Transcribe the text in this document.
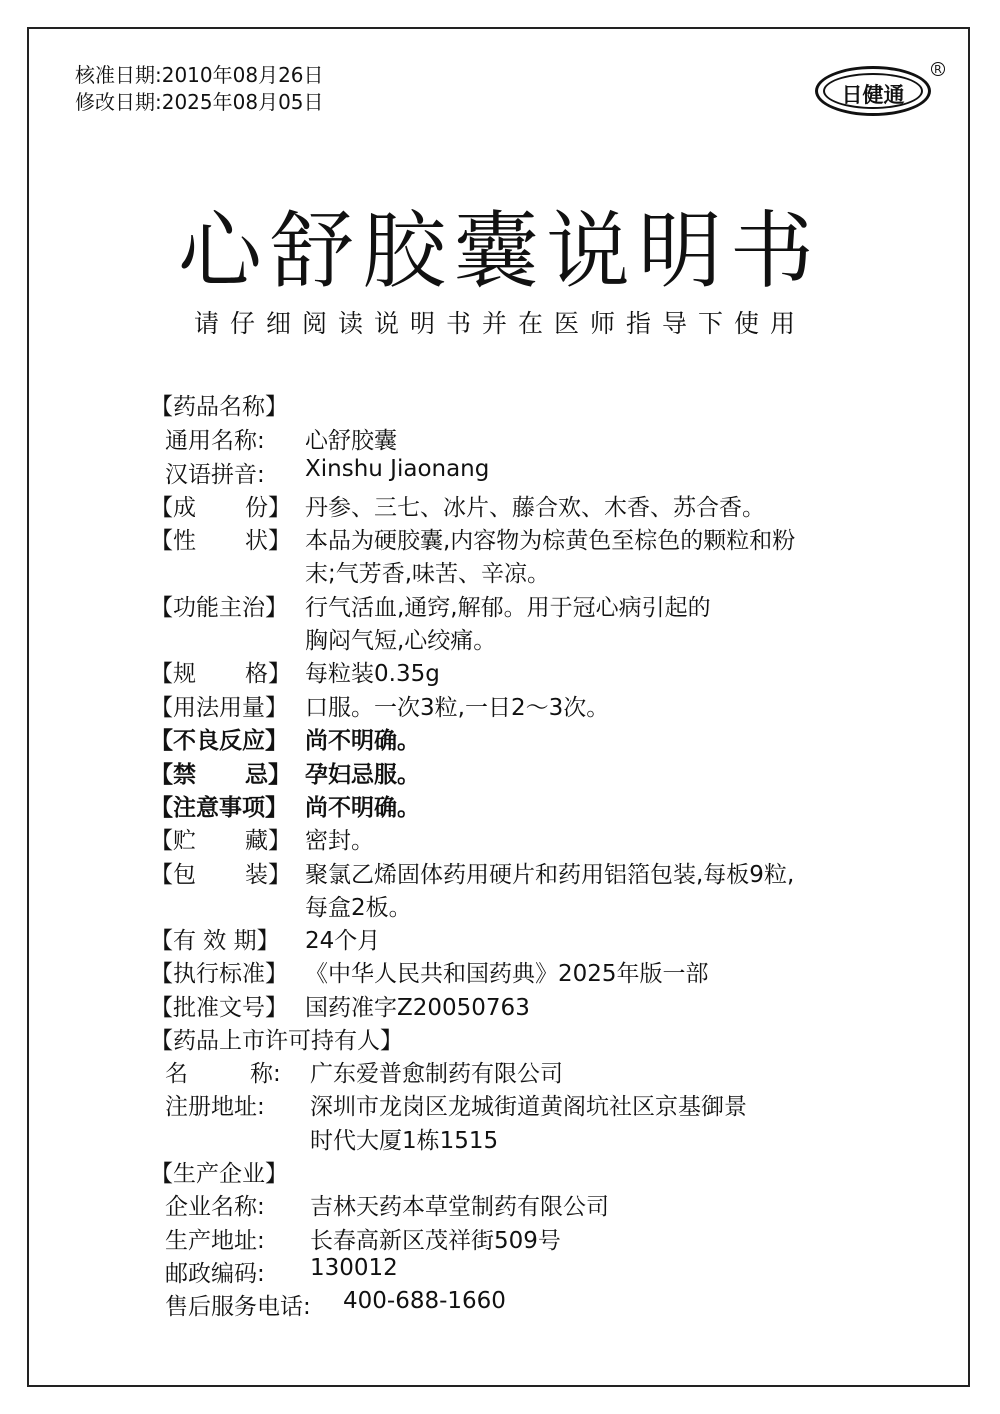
核准日期:2010年08月26日
修改日期:2025年08月05日	日健通
R
心舒胶囊说明书
请仔细阅读说明书并在医师指导下使用
【药品名称】
通用名称: 心舒胶囊
汉语拼音: Xinshu Jiaonang
【成 份】 丹参、三七、冰片、藤合欢、木香、苏合香。
【性 状】 本品为硬胶囊,内容物为棕黄色至棕色的颗粒和粉
末;气芳香,味苦、辛凉。
【功能主治】 行气活血,通窍,解郁。用于冠心病引起的
胸闷气短,心绞痛。
【规 格】 每粒装0.35g
【用法用量】 口服。一次3粒,一日2～3次。
【不良反应】 尚不明确。
【禁 忌】 孕妇忌服。
【注意事项】 尚不明确。
【贮 藏】 密封。
【包 装】 聚氯乙烯固体药用硬片和药用铝箔包装,每板9粒,
每盒2板。
【有 效 期】 24个月
【执行标准】 《中华人民共和国药典》2025年版一部
【批准文号】 国药准字Z20050763
【药品上市许可持有人】
名	称: 广东爱普愈制药有限公司
注册地址: 深圳市龙岗区龙城街道黄阁坑社区京基御景
时代大厦1栋1515
【生产企业】
企业名称: 吉林天药本草堂制药有限公司
生产地址: 长春高新区茂祥街509号
邮政编码: 130012
售后服务电话: 400-688-1660
